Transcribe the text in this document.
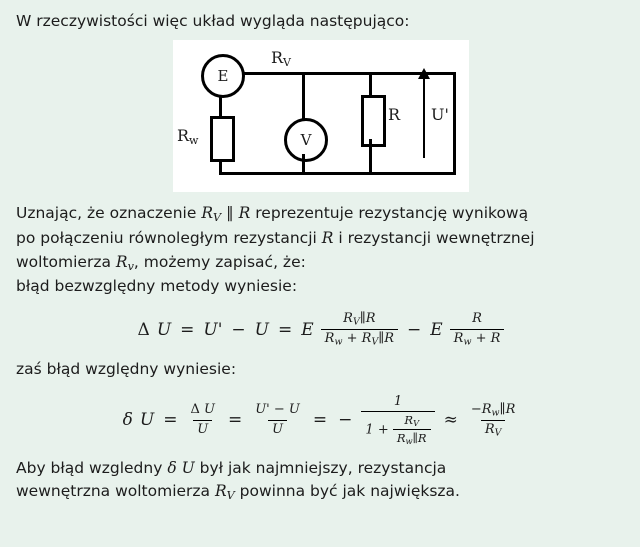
W rzeczywistości więc układ wygląda następująco:
E
$R_w$	V
$R_V$
R U'
Uznając, że oznaczenie $R_V$ ∥ R reprezentuje rezystancję wynikową
po połączeniu równoległym rezystancji R i rezystancji wewnętrznej
woltomierza $R_v$, możemy zapisać, że:
błąd bezwzględny metody wyniesie:
Δ U = U' − U = E $\frac{R_V\parallel R}{R_w + R_V\parallel R} - E \frac{R}{R_w + R}$
zaś błąd względny wyniesie:
δ $U = \frac{\text{Δ U}}{U} = \frac{U' - U}{U}$ = − $\frac{1}{1 + \frac{R_V}{R_w\parallel R}} \approx \frac{-R_w\parallel R}{R_V}$
Aby błąd wzgledny δ U był jak najmniejszy, rezystancja
wewnętrzna woltomierza $R_V$ powinna być jak największa.
